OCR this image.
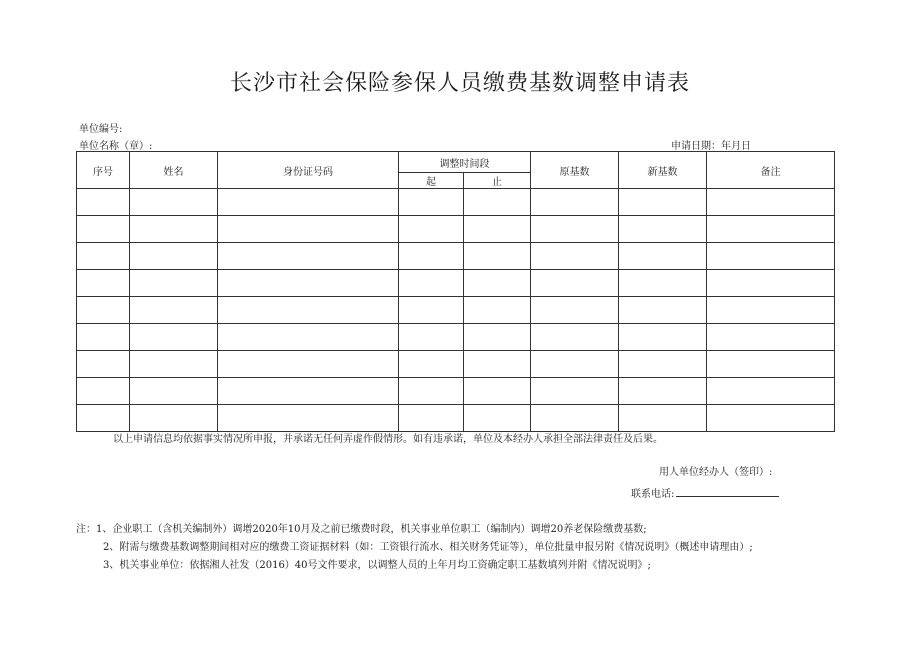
长沙市社会保险参保人员缴费基数调整申请表
单位编号:
单位名称（章）:	申请日期：年月日
序号	姓名	身份证号码	调整时间段		原基数	新基数	备注
			起	止			

以上申请信息均依据事实情况所申报，并承诺无任何弄虚作假情形。如有违承诺，单位及本经办人承担全部法律责任及后果。
用人单位经办人（签印）:
联系电话:
注：1、企业职工（含机关编制外）调增2020年10月及之前已缴费时段，机关事业单位职工（编制内）调增20养老保险缴费基数;
2、附需与缴费基数调整期间相对应的缴费工资证据材料（如：工资银行流水、相关财务凭证等），单位批量申报另附《情况说明》（概述申请理由）;
3、机关事业单位：依据湘人社发（2016）40号文件要求，以调整人员的上年月均工资确定职工基数填列并附《情况说明》;
